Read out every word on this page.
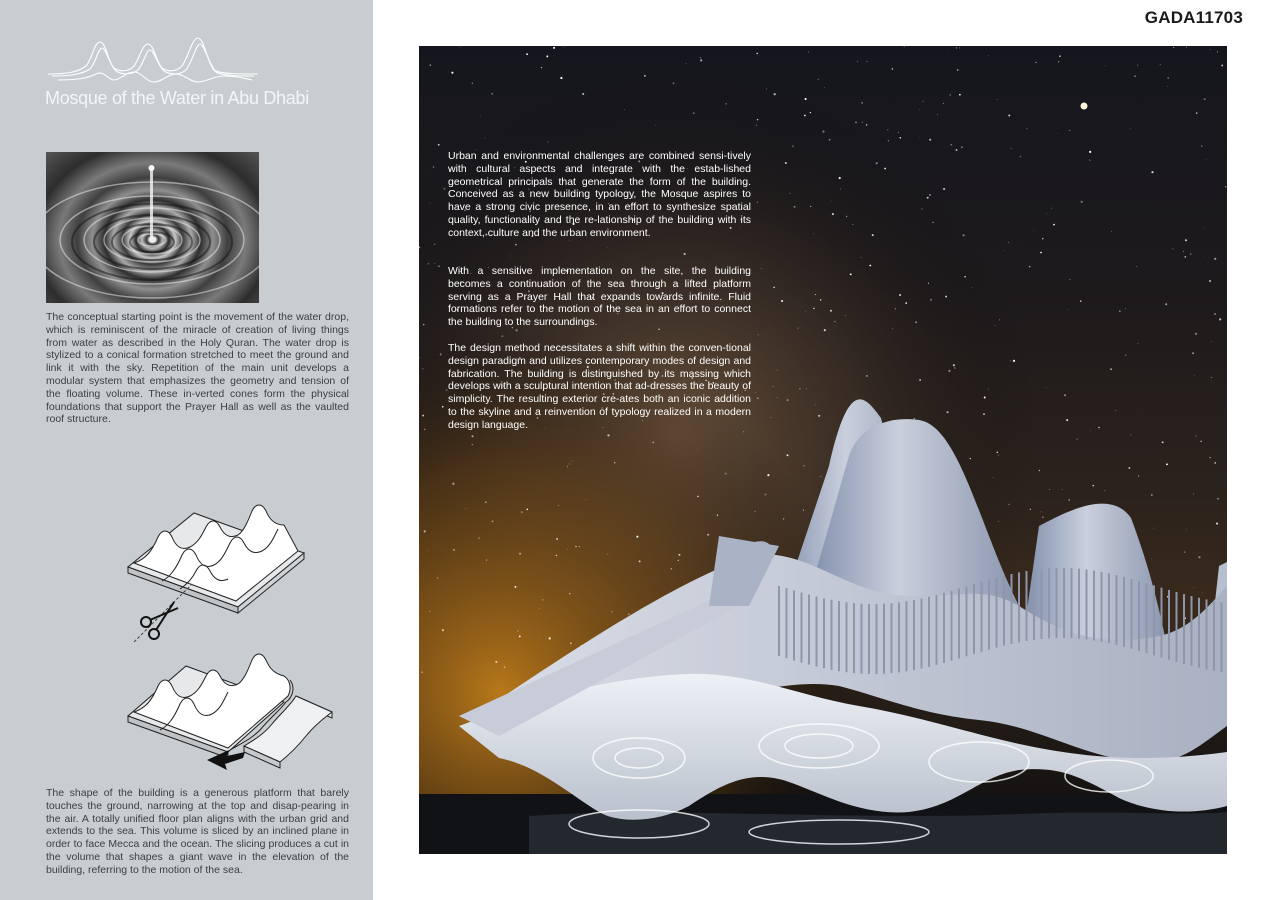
Mosque of the Water in Abu Dhabi

The conceptual starting point is the movement of the water drop, which is reminiscent of the miracle of creation of living things from water as described in the Holy Quran. The water drop is stylized to a conical formation stretched to meet the ground and link it with the sky. Repetition of the main unit develops a modular system that emphasizes the geometry and tension of the floating volume. These in-verted cones form the physical foundations that support the Prayer Hall as well as the vaulted roof structure.

The shape of the building is a generous platform that barely touches the ground, narrowing at the top and disap-pearing in the air. A totally unified floor plan aligns with the urban grid and extends to the sea. This volume is sliced by an inclined plane in order to face Mecca and the ocean. The slicing produces a cut in the volume that shapes a giant wave in the elevation of the building, referring to the motion of the sea.

GADA11703

Urban and environmental challenges are combined sensi-tively with cultural aspects and integrate with the estab-lished geometrical principals that generate the form of the building. Conceived as a new building typology, the Mosque aspires to have a strong civic presence, in an effort to synthesize spatial quality, functionality and the re-lationship of the building with its context, culture and the urban environment.

With a sensitive implementation on the site, the building becomes a continuation of the sea through a lifted platform serving as a Prayer Hall that expands towards infinite. Fluid formations refer to the motion of the sea in an effort to connect the building to the surroundings.

The design method necessitates a shift within the conven-tional design paradigm and utilizes contemporary modes of design and fabrication. The building is distinguished by its massing which develops with a sculptural intention that ad-dresses the beauty of simplicity. The resulting exterior cre-ates both an iconic addition to the skyline and a reinvention of typology realized in a modern design language.
